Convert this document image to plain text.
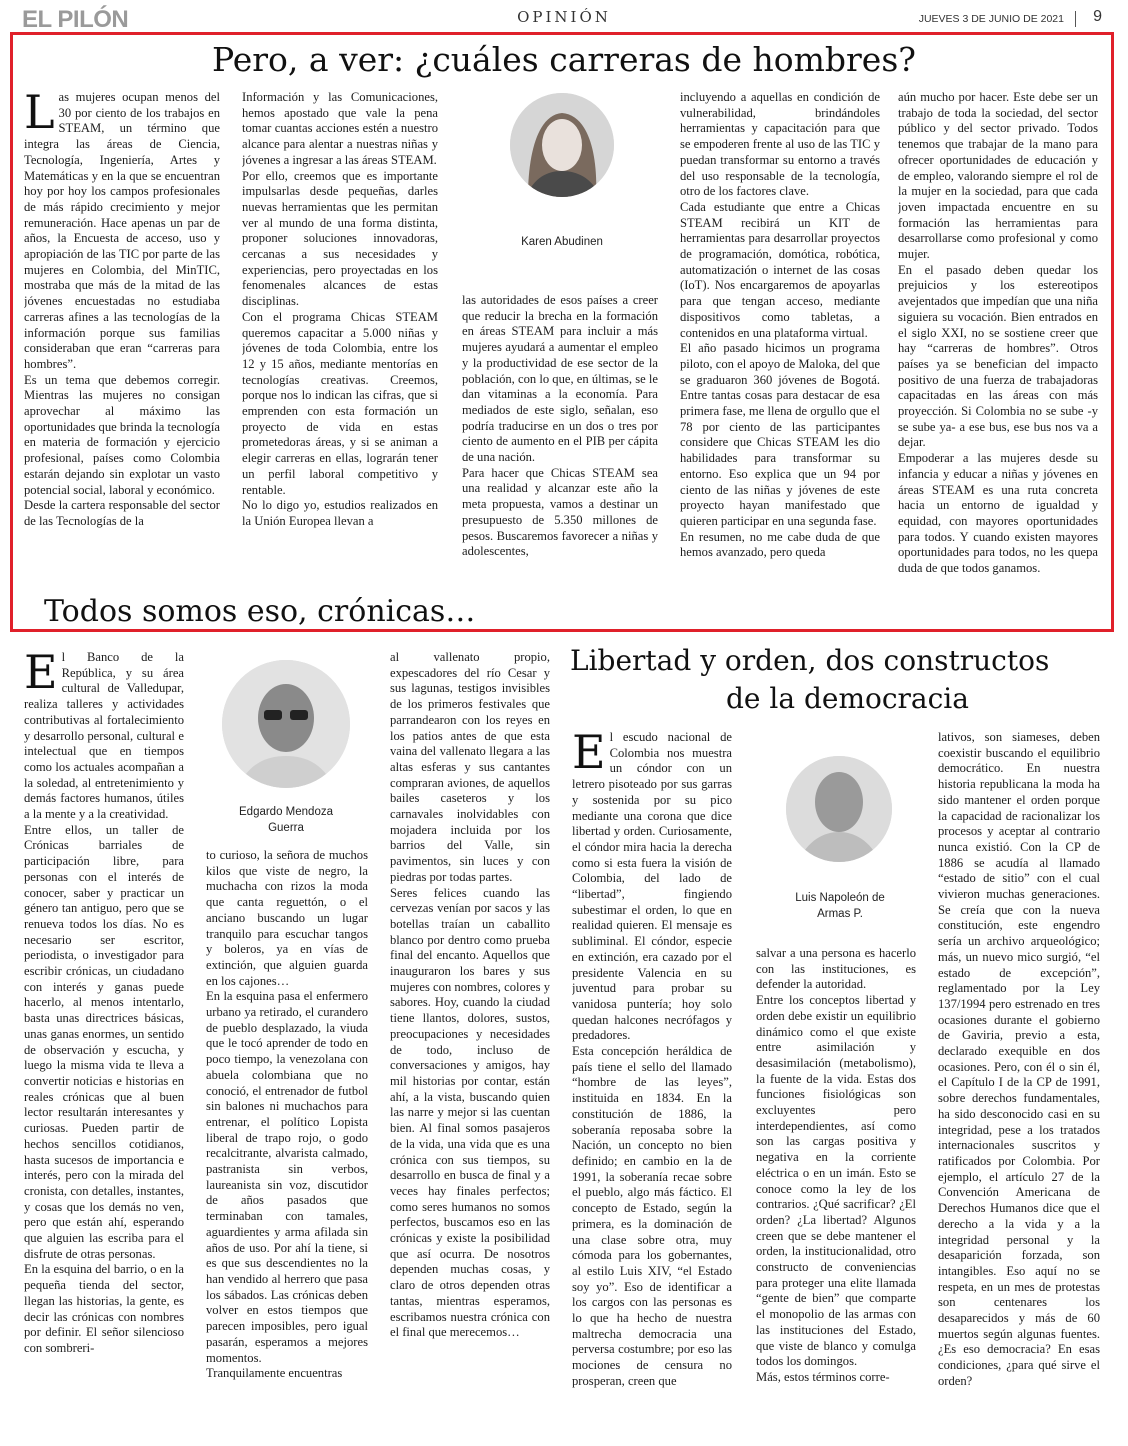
EL PILÓN	OPINIÓN	JUEVES 3 DE JUNIO DE 2021 9
Pero, a ver: ¿cuáles carreras de hombres?
L as mujeres ocupan menos del 30 por ciento de los trabajos en STEAM, un término que integra las áreas de Ciencia, Tecnología, Ingeniería, Artes y Matemáticas y en la que se encuentran hoy por hoy los campos profesionales de más rápido crecimiento y mejor remuneración. Hace apenas un par de años, la Encuesta de acceso, uso y apropiación de las TIC por parte de las mujeres en Colombia, del MinTIC, mostraba que más de la mitad de las jóvenes encuestadas no estudiaba carreras afines a las tecnologías de la información porque sus familias consideraban que eran “carreras para hombres”.
Es un tema que debemos corregir. Mientras las mujeres no consigan aprovechar al máximo las oportunidades que brinda la tecnología en materia de formación y ejercicio profesional, países como Colombia estarán dejando sin explotar un vasto potencial social, laboral y económico.
Desde la cartera responsable del sector de las Tecnologías de la
Información y las Comunicaciones, hemos apostado que vale la pena tomar cuantas acciones estén a nuestro alcance para alentar a nuestras niñas y jóvenes a ingresar a las áreas STEAM.
Por ello, creemos que es importante impulsarlas desde pequeñas, darles nuevas herramientas que les permitan ver al mundo de una forma distinta, proponer soluciones innovadoras, cercanas a sus necesidades y experiencias, pero proyectadas en los fenomenales alcances de estas disciplinas.
Con el programa Chicas STEAM queremos capacitar a 5.000 niñas y jóvenes de toda Colombia, entre los 12 y 15 años, mediante mentorías en tecnologías creativas. Creemos, porque nos lo indican las cifras, que si emprenden con esta formación un proyecto de vida en estas prometedoras áreas, y si se animan a elegir carreras en ellas, lograrán tener un perfil laboral competitivo y rentable.
No lo digo yo, estudios realizados en la Unión Europea llevan a
Karen Abudinen
las autoridades de esos países a creer que reducir la brecha en la formación en áreas STEAM para incluir a más mujeres ayudará a aumentar el empleo y la productividad de ese sector de la población, con lo que, en últimas, se le dan vitaminas a la economía. Para mediados de este siglo, señalan, eso podría traducirse en un dos o tres por ciento de aumento en el PIB per cápita de una nación.
Para hacer que Chicas STEAM sea una realidad y alcanzar este año la meta propuesta, vamos a destinar un presupuesto de 5.350 millones de pesos. Buscaremos favorecer a niñas y adolescentes,
incluyendo a aquellas en condición de vulnerabilidad, brindándoles herramientas y capacitación para que se empoderen frente al uso de las TIC y puedan transformar su entorno a través del uso responsable de la tecnología, otro de los factores clave.
Cada estudiante que entre a Chicas STEAM recibirá un KIT de herramientas para desarrollar proyectos de programación, domótica, robótica, automatización o internet de las cosas (IoT). Nos encargaremos de apoyarlas para que tengan acceso, mediante dispositivos como tabletas, a contenidos en una plataforma virtual.
El año pasado hicimos un programa piloto, con el apoyo de Maloka, del que se graduaron 360 jóvenes de Bogotá. Entre tantas cosas para destacar de esa primera fase, me llena de orgullo que el 78 por ciento de las participantes considere que Chicas STEAM les dio habilidades para transformar su entorno. Eso explica que un 94 por ciento de las niñas y jóvenes de este proyecto hayan manifestado que quieren participar en una segunda fase.
En resumen, no me cabe duda de que hemos avanzado, pero queda
aún mucho por hacer. Este debe ser un trabajo de toda la sociedad, del sector público y del sector privado. Todos tenemos que trabajar de la mano para ofrecer oportunidades de educación y de empleo, valorando siempre el rol de la mujer en la sociedad, para que cada joven impactada encuentre en su formación las herramientas para desarrollarse como profesional y como mujer.
En el pasado deben quedar los prejuicios y los estereotipos avejentados que impedían que una niña siguiera su vocación. Bien entrados en el siglo XXI, no se sostiene creer que hay “carreras de hombres”. Otros países ya se benefician del impacto positivo de una fuerza de trabajadoras capacitadas en las áreas con más proyección. Si Colombia no se sube -y se sube ya- a ese bus, ese bus nos va a dejar.
Empoderar a las mujeres desde su infancia y educar a niñas y jóvenes en áreas STEAM es una ruta concreta hacia un entorno de igualdad y equidad, con mayores oportunidades para todos. Y cuando existen mayores oportunidades para todos, no les quepa duda de que todos ganamos.
Todos somos eso, crónicas…
E l Banco de la República, y su área cultural de Valledupar, realiza talleres y actividades contributivas al fortalecimiento y desarrollo personal, cultural e intelectual que en tiempos como los actuales acompañan a la soledad, al entretenimiento y demás factores humanos, útiles a la mente y a la creatividad.
Entre ellos, un taller de Crónicas barriales de participación libre, para personas con el interés de conocer, saber y practicar un género tan antiguo, pero que se renueva todos los días. No es necesario ser escritor, periodista, o investigador para escribir crónicas, un ciudadano con interés y ganas puede hacerlo, al menos intentarlo, basta unas directrices básicas, unas ganas enormes, un sentido de observación y escucha, y luego la misma vida te lleva a convertir noticias e historias en reales crónicas que al buen lector resultarán interesantes y curiosas. Pueden partir de hechos sencillos cotidianos, hasta sucesos de importancia e interés, pero con la mirada del cronista, con detalles, instantes, y cosas que los demás no ven, pero que están ahí, esperando que alguien las escriba para el disfrute de otras personas.
En la esquina del barrio, o en la pequeña tienda del sector, llegan las historias, la gente, es decir las crónicas con nombres por definir. El señor silencioso con sombreri-
Edgardo Mendoza
Guerra
to curioso, la señora de muchos kilos que viste de negro, la muchacha con rizos la moda que canta reguettón, o el anciano buscando un lugar tranquilo para escuchar tangos y boleros, ya en vías de extinción, que alguien guarda en los cajones…
En la esquina pasa el enfermero urbano ya retirado, el curandero de pueblo desplazado, la viuda que le tocó aprender de todo en poco tiempo, la venezolana con abuela colombiana que no conoció, el entrenador de futbol sin balones ni muchachos para entrenar, el político Lopista liberal de trapo rojo, o godo recalcitrante, alvarista calmado, pastranista sin verbos, laureanista sin voz, discutidor de años pasados que terminaban con tamales, aguardientes y arma afilada sin años de uso. Por ahí la tiene, si es que sus descendientes no la han vendido al herrero que pasa los sábados. Las crónicas deben volver en estos tiempos que parecen imposibles, pero igual pasarán, esperamos a mejores momentos.
Tranquilamente encuentras
al vallenato propio, expescadores del río Cesar y sus lagunas, testigos invisibles de los primeros festivales que parrandearon con los reyes en los patios antes de que esta vaina del vallenato llegara a las altas esferas y sus cantantes compraran aviones, de aquellos bailes caseteros y los carnavales inolvidables con mojadera incluida por los barrios del Valle, sin pavimentos, sin luces y con piedras por todas partes.
Seres felices cuando las cervezas venían por sacos y las botellas traían un caballito blanco por dentro como prueba final del encanto. Aquellos que inauguraron los bares y sus mujeres con nombres, colores y sabores. Hoy, cuando la ciudad tiene llantos, dolores, sustos, preocupaciones y necesidades de todo, incluso de conversaciones y amigos, hay mil historias por contar, están ahí, a la vista, buscando quien las narre y mejor si las cuentan bien. Al final somos pasajeros de la vida, una vida que es una crónica con sus tiempos, su desarrollo en busca de final y a veces hay finales perfectos; como seres humanos no somos perfectos, buscamos eso en las crónicas y existe la posibilidad que así ocurra. De nosotros dependen muchas cosas, y claro de otros dependen otras tantas, mientras esperamos, escribamos nuestra crónica con el final que merecemos…
Libertad y orden, dos constructos
de la democracia
E l escudo nacional de Colombia nos muestra un cóndor con un letrero pisoteado por sus garras y sostenida por su pico mediante una corona que dice libertad y orden. Curiosamente, el cóndor mira hacia la derecha como si esta fuera la visión de Colombia, del lado de “libertad”, fingiendo subestimar el orden, lo que en realidad quieren. El mensaje es subliminal. El cóndor, especie en extinción, era cazado por el presidente Valencia en su juventud para probar su vanidosa puntería; hoy solo quedan halcones necrófagos y predadores.
Esta concepción heráldica de país tiene el sello del llamado “hombre de las leyes”, instituida en 1834. En la constitución de 1886, la soberanía reposaba sobre la Nación, un concepto no bien definido; en cambio en la de 1991, la soberanía recae sobre el pueblo, algo más fáctico. El concepto de Estado, según la primera, es la dominación de una clase sobre otra, muy cómoda para los gobernantes, al estilo Luis XIV, “el Estado soy yo”. Eso de identificar a los cargos con las personas es lo que ha hecho de nuestra maltrecha democracia una perversa costumbre; por eso las mociones de censura no prosperan, creen que
Luis Napoleón de
Armas P.
salvar a una persona es hacerlo con las instituciones, es defender la autoridad.
Entre los conceptos libertad y orden debe existir un equilibrio dinámico como el que existe entre asimilación y desasimilación (metabolismo), la fuente de la vida. Estas dos funciones fisiológicas son excluyentes pero interdependientes, así como son las cargas positiva y negativa en la corriente eléctrica o en un imán. Esto se conoce como la ley de los contrarios. ¿Qué sacrificar? ¿El orden? ¿La libertad? Algunos creen que se debe mantener el orden, la institucionalidad, otro constructo de conveniencias para proteger una elite llamada “gente de bien” que comparte el monopolio de las armas con las instituciones del Estado, que viste de blanco y comulga todos los domingos.
Más, estos términos corre-
lativos, son siameses, deben coexistir buscando el equilibrio democrático. En nuestra historia republicana la moda ha sido mantener el orden porque la capacidad de racionalizar los procesos y aceptar al contrario nunca existió. Con la CP de 1886 se acudía al llamado “estado de sitio” con el cual vivieron muchas generaciones. Se creía que con la nueva constitución, este engendro sería un archivo arqueológico; más, un nuevo mico surgió, “el estado de excepción”, reglamentado por la Ley 137/1994 pero estrenado en tres ocasiones durante el gobierno de Gaviria, previo a esta, declarado exequible en dos ocasiones. Pero, con él o sin él, el Capítulo I de la CP de 1991, sobre derechos fundamentales, ha sido desconocido casi en su integridad, pese a los tratados internacionales suscritos y ratificados por Colombia. Por ejemplo, el artículo 27 de la Convención Americana de Derechos Humanos dice que el derecho a la vida y a la integridad personal y la desaparición forzada, son intangibles. Eso aquí no se respeta, en un mes de protestas son centenares los desaparecidos y más de 60 muertos según algunas fuentes. ¿Es eso democracia? En esas condiciones, ¿para qué sirve el orden?
